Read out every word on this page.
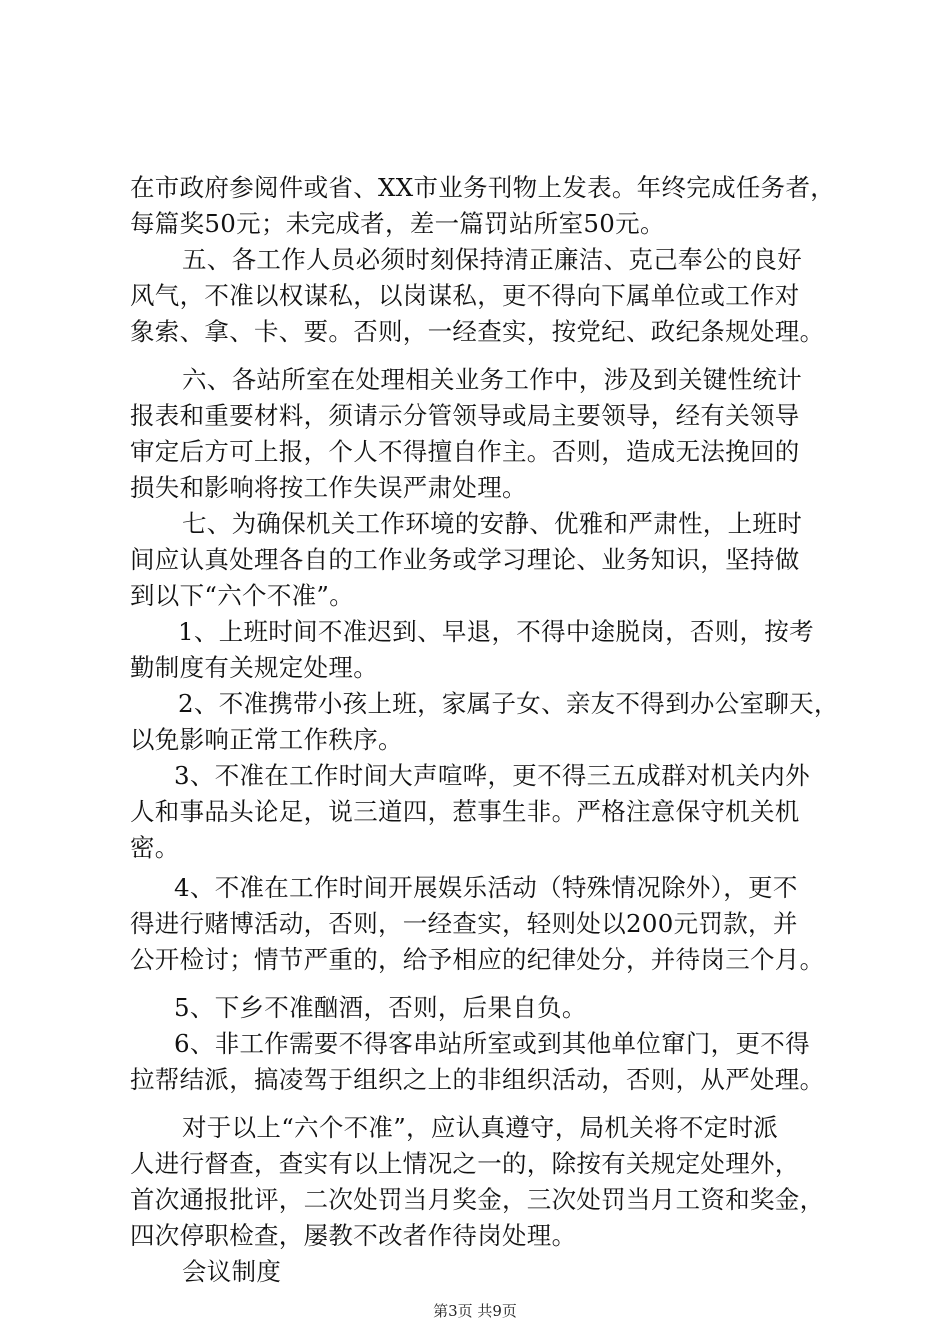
在市政府参阅件或省、XX市业务刊物上发表。年终完成任务者，
每篇奖50元；未完成者，差一篇罚站所室50元。
五、各工作人员必须时刻保持清正廉洁、克己奉公的良好
风气，不准以权谋私，以岗谋私，更不得向下属单位或工作对
象索、拿、卡、要。否则，一经查实，按党纪、政纪条规处理。
六、各站所室在处理相关业务工作中，涉及到关键性统计
报表和重要材料，须请示分管领导或局主要领导，经有关领导
审定后方可上报，个人不得擅自作主。否则，造成无法挽回的
损失和影响将按工作失误严肃处理。
七、为确保机关工作环境的安静、优雅和严肃性，上班时
间应认真处理各自的工作业务或学习理论、业务知识，坚持做
到以下“六个不准”。
1、上班时间不准迟到、早退，不得中途脱岗，否则，按考
勤制度有关规定处理。
2、不准携带小孩上班，家属子女、亲友不得到办公室聊天，
以免影响正常工作秩序。
3、不准在工作时间大声喧哗，更不得三五成群对机关内外
人和事品头论足，说三道四，惹事生非。严格注意保守机关机
密。
4、不准在工作时间开展娱乐活动（特殊情况除外），更不
得进行赌博活动，否则，一经查实，轻则处以200元罚款，并
公开检讨；情节严重的，给予相应的纪律处分，并待岗三个月。
5、下乡不准酗酒，否则，后果自负。
6、非工作需要不得客串站所室或到其他单位窜门，更不得
拉帮结派，搞凌驾于组织之上的非组织活动，否则，从严处理。
对于以上“六个不准”，应认真遵守，局机关将不定时派
人进行督查，查实有以上情况之一的，除按有关规定处理外，
首次通报批评，二次处罚当月奖金，三次处罚当月工资和奖金，
四次停职检查，屡教不改者作待岗处理。
会议制度
第3页 共9页
